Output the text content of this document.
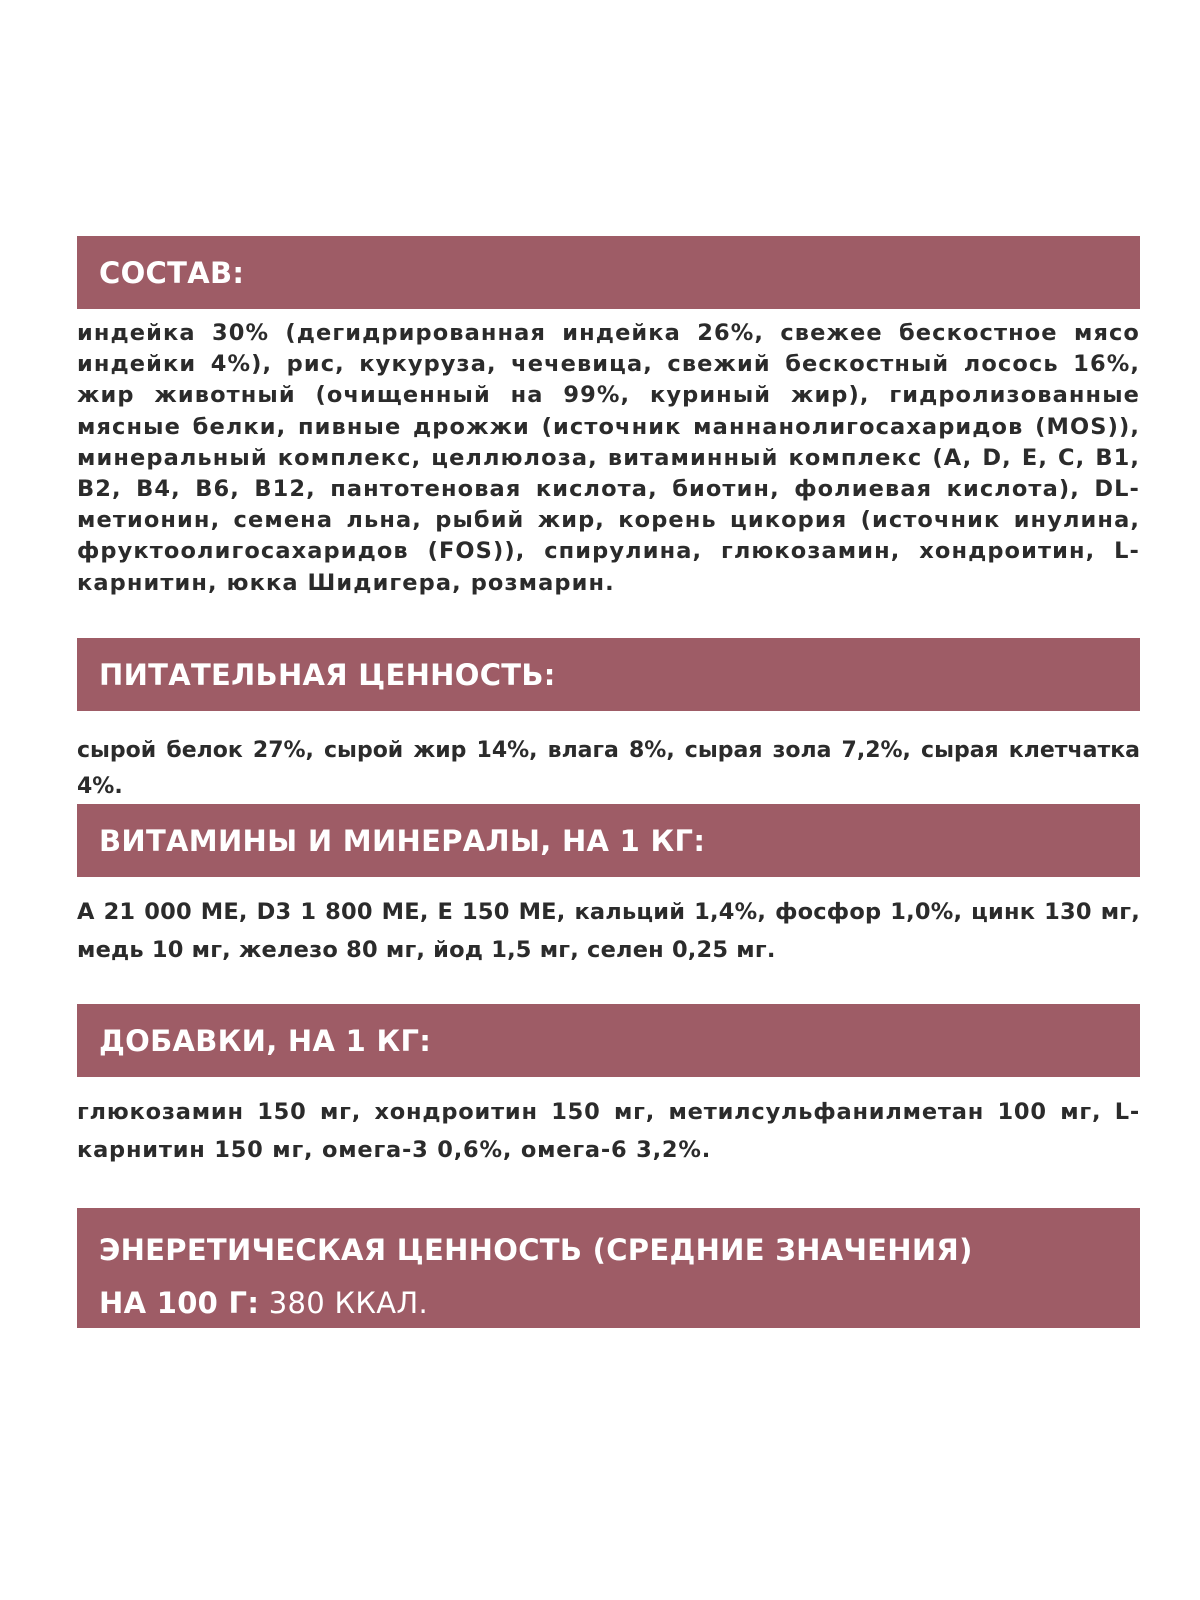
СОСТАВ:

индейка 30% (дегидрированная индейка 26%, свежее бескостное мясо индейки 4%), рис, кукуруза, чечевица, свежий бескостный лосось 16%, жир животный (очищенный на 99%, куриный жир), гидролизованные мясные белки, пивные дрожжи (источник маннанолигосахаридов (MOS)), минеральный комплекс, целлюлоза, витаминный комплекс (A, D, E, C, B1, B2, B4, B6, B12, пантотеновая кислота, биотин, фолиевая кислота), DL-метионин, семена льна, рыбий жир, корень цикория (источник инулина, фруктоолигосахаридов (FOS)), спирулина, глюкозамин, хондроитин, L-карнитин, юкка Шидигера, розмарин.

ПИТАТЕЛЬНАЯ ЦЕННОСТЬ:

сырой белок 27%, сырой жир 14%, влага 8%, сырая зола 7,2%, сырая клетчатка 4%.

ВИТАМИНЫ И МИНЕРАЛЫ, НА 1 КГ:

A 21 000 МЕ, D3 1 800 МЕ, E 150 МЕ, кальций 1,4%, фосфор 1,0%, цинк 130 мг, медь 10 мг, железо 80 мг, йод 1,5 мг, селен 0,25 мг.

ДОБАВКИ, НА 1 КГ:

глюкозамин 150 мг, хондроитин 150 мг, метилсульфанилметан 100 мг, L-карнитин 150 мг, омега-3 0,6%, омега-6 3,2%.

ЭНЕРЕТИЧЕСКАЯ ЦЕННОСТЬ (СРЕДНИЕ ЗНАЧЕНИЯ)
НА 100 Г: 380 ККАЛ.
